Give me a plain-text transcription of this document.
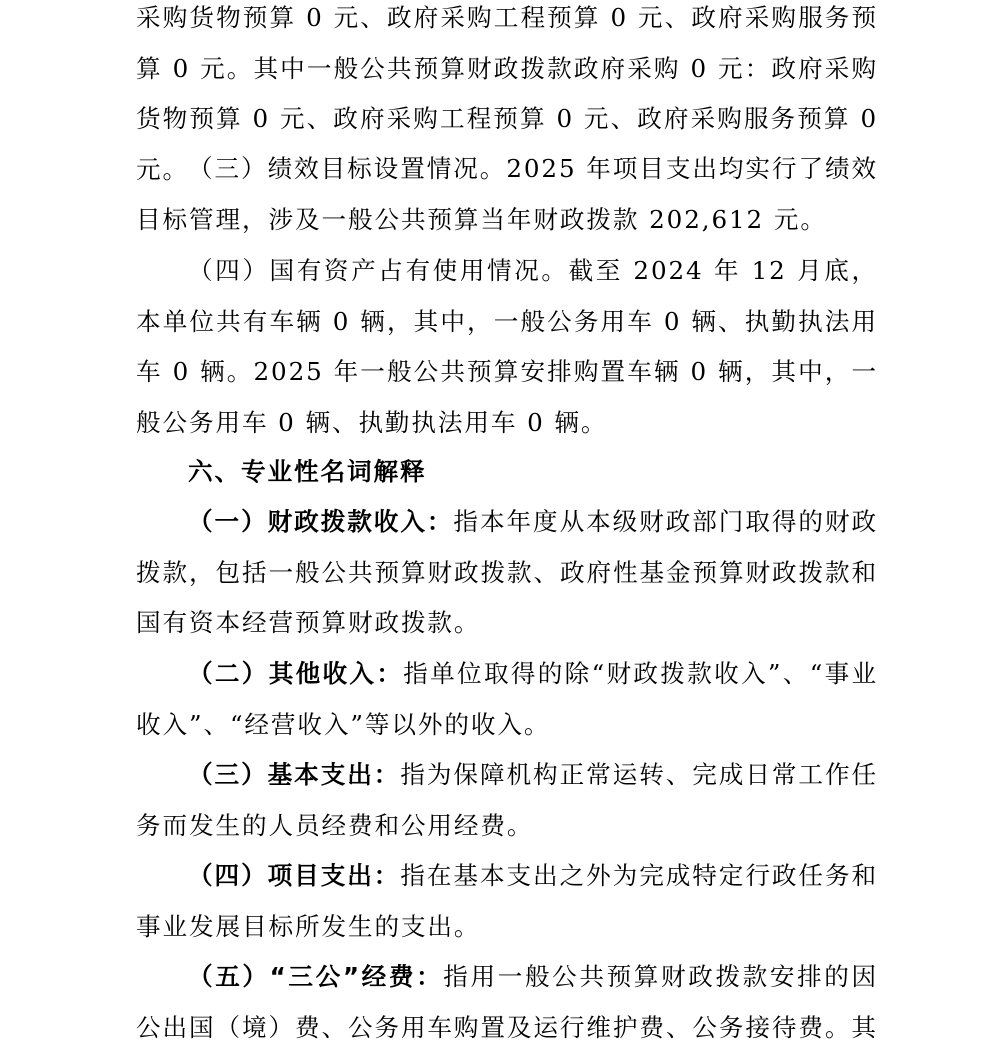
采购货物预算 0 元、政府采购工程预算 0 元、政府采购服务预算 0 元。其中一般公共预算财政拨款政府采购 0 元：政府采购货物预算 0 元、政府采购工程预算 0 元、政府采购服务预算 0 元。 （三）绩效目标设置情况。2025 年项目支出均实行了绩效目标管理，涉及一般公共预算当年财政拨款 202,612 元。

（四）国有资产占有使用情况。截至 2024 年 12 月底，本单位共有车辆 0 辆，其中，一般公务用车 0 辆、执勤执法用车 0 辆。2025 年一般公共预算安排购置车辆 0 辆，其中，一般公务用车 0 辆、执勤执法用车 0 辆。

六、专业性名词解释

（一）财政拨款收入：指本年度从本级财政部门取得的财政拨款，包括一般公共预算财政拨款、政府性基金预算财政拨款和国有资本经营预算财政拨款。

（二）其他收入：指单位取得的除“财政拨款收入”、“事业收入”、“经营收入”等以外的收入。

（三）基本支出：指为保障机构正常运转、完成日常工作任务而发生的人员经费和公用经费。

（四）项目支出：指在基本支出之外为完成特定行政任务和事业发展目标所发生的支出。

（五）“三公”经费：指用一般公共预算财政拨款安排的因公出国（境）费、公务用车购置及运行维护费、公务接待费。其
